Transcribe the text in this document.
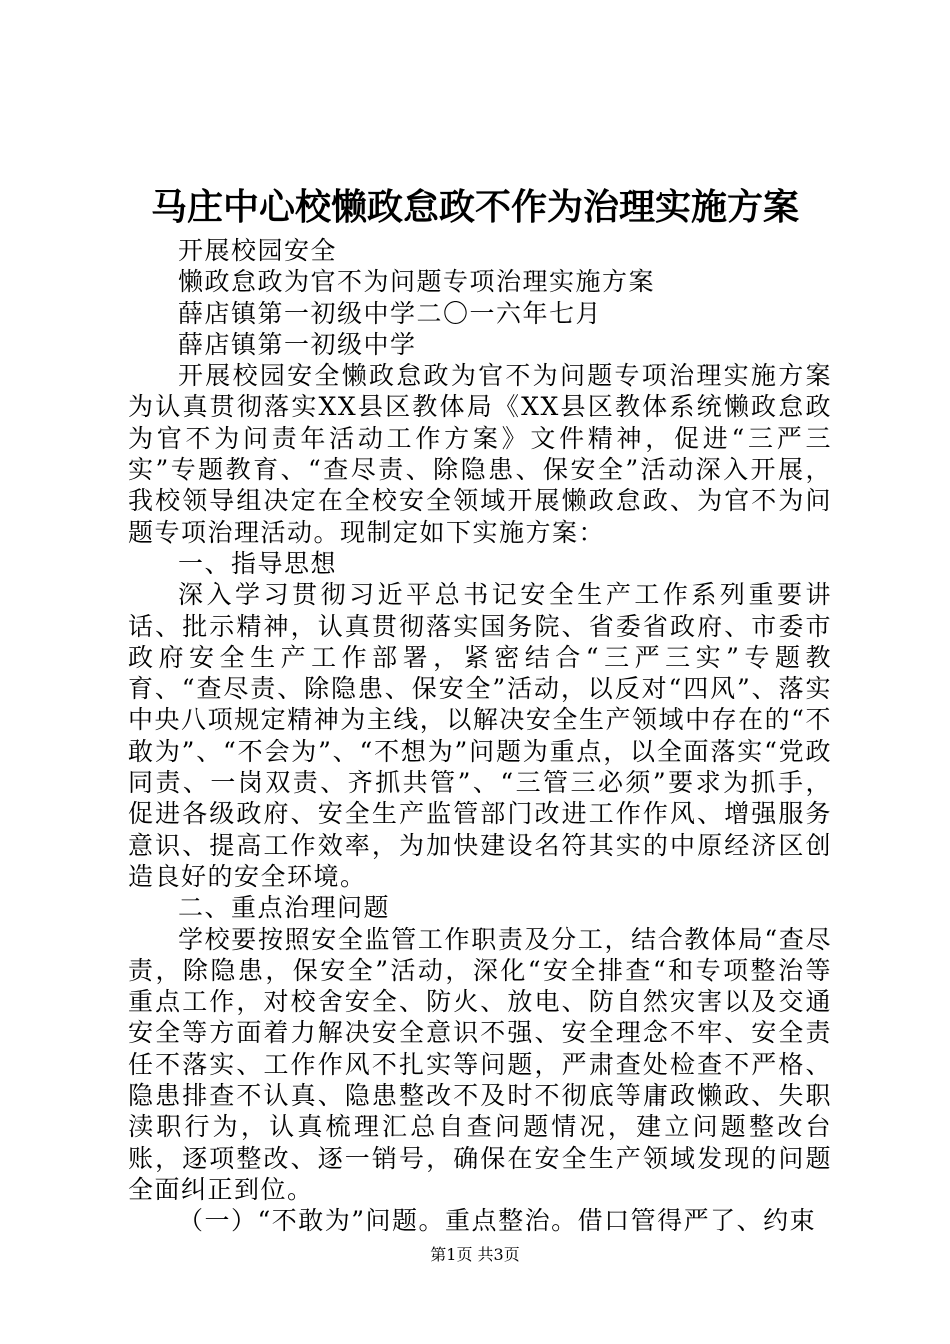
马庄中心校懒政怠政不作为治理实施方案

开展校园安全

懒政怠政为官不为问题专项治理实施方案

薛店镇第一初级中学二〇一六年七月

薛店镇第一初级中学

开展校园安全懒政怠政为官不为问题专项治理实施方案为认真贯彻落实XX县区教体局《XX县区教体系统懒政怠政为官不为问责年活动工作方案》文件精神，促进“三严三实”专题教育、“查尽责、除隐患、保安全”活动深入开展，我校领导组决定在全校安全领域开展懒政怠政、为官不为问题专项治理活动。现制定如下实施方案：

一、指导思想

深入学习贯彻习近平总书记安全生产工作系列重要讲话、批示精神，认真贯彻落实国务院、省委省政府、市委市政府安全生产工作部署，紧密结合“三严三实”专题教育、“查尽责、除隐患、保安全”活动，以反对“四风”、落实中央八项规定精神为主线，以解决安全生产领域中存在的“不敢为”、“不会为”、“不想为”问题为重点，以全面落实“党政同责、一岗双责、齐抓共管”、“三管三必须”要求为抓手，促进各级政府、安全生产监管部门改进工作作风、增强服务意识、提高工作效率，为加快建设名符其实的中原经济区创造良好的安全环境。

二、重点治理问题

学校要按照安全监管工作职责及分工，结合教体局“查尽责，除隐患，保安全”活动，深化“安全排查“和专项整治等重点工作，对校舍安全、防火、放电、防自然灾害以及交通安全等方面着力解决安全意识不强、安全理念不牢、安全责任不落实、工作作风不扎实等问题，严肃查处检查不严格、隐患排查不认真、隐患整改不及时不彻底等庸政懒政、失职渎职行为，认真梳理汇总自查问题情况，建立问题整改台账，逐项整改、逐一销号，确保在安全生产领域发现的问题全面纠正到位。

（一）“不敢为”问题。重点整治。借口管得严了、约束

第1页 共3页
